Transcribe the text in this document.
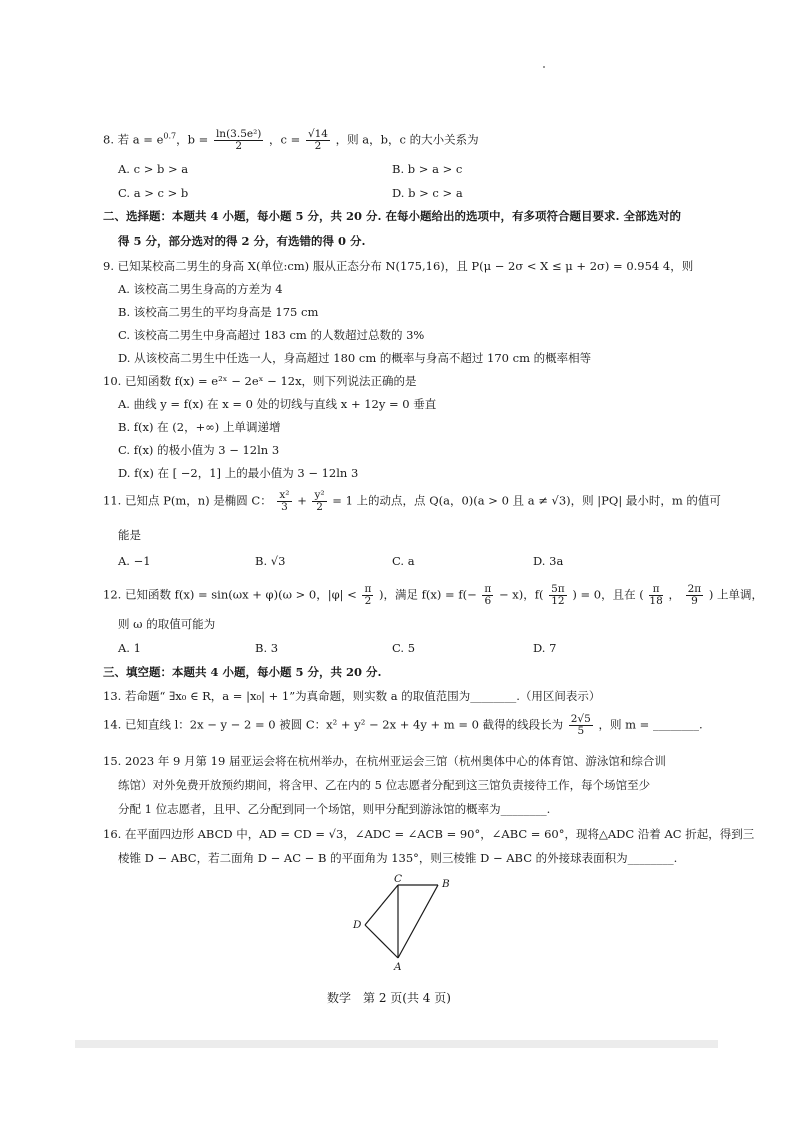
8. 若 $a = e^{0.7}$，$b = \frac{\text{ln(3.5e²)}}{2}$ ，$c = \frac{√14}{2}$ ，则 a，b，c 的大小关系为
A. c > b > a	B. b > a > c
C. a > c > b	D. b > c > a
二、选择题：本题共 4 小题，每小题 5 分，共 20 分. 在每小题给出的选项中，有多项符合题目要求. 全部选对的
得 5 分，部分选对的得 2 分，有选错的得 0 分.
9. 已知某校高二男生的身高 X(单位:cm) 服从正态分布 N(175,16)，且 P(μ − 2σ < X ≤ μ + 2σ) = 0.954 4，则
A. 该校高二男生身高的方差为 4
B. 该校高二男生的平均身高是 175 cm
C. 该校高二男生中身高超过 183 cm 的人数超过总数的 3%
D. 从该校高二男生中任选一人，身高超过 180 cm 的概率与身高不超过 170 cm 的概率相等
10. 已知函数 f(x) = e²ˣ − 2eˣ − 12x，则下列说法正确的是
A. 曲线 y = f(x) 在 x = 0 处的切线与直线 x + 12y = 0 垂直
B. f(x) 在 (2，+∞) 上单调递增
C. f(x) 的极小值为 3 − 12ln 3
D. f(x) 在 [ −2，1] 上的最小值为 3 − 12ln 3
11. 已知点 P(m，n) 是椭圆 C： $\frac{\text{x²}}{3} + \frac{\text{y²}}{2} = 1$ 上的动点，点 Q(a，0)(a > 0 且 a ≠ √3)，则 |PQ| 最小时，m 的值可
能是
A. −1	B. √3	C. a	D. 3a
12. 已知函数 f(x) = sin(ωx + φ)(ω > 0，$|\varphi| < \frac{\pi}{2}$ )，满足 $f(x) = f(- \frac{\pi}{6} - x)$，$f( \frac{5\pi}{12}$ ) = 0，且在 ( $\frac{\pi}{18}$ ， $\frac{2\pi}{9}$ ) 上单调，
则 ω 的取值可能为
A. 1	B. 3	C. 5	D. 7
三、填空题：本题共 4 小题，每小题 5 分，共 20 分.
13. 若命题“ ∃x₀ ∈ R，a = |x₀| + 1”为真命题，则实数 a 的取值范围为________.（用区间表示）
14. 已知直线 l：2x − y − 2 = 0 被圆 C：x² + y² − 2x + 4y + m = 0 截得的线段长为 $\frac{2√5}{5}$ ，则 m = ________.
15. 2023 年 9 月第 19 届亚运会将在杭州举办，在杭州亚运会三馆（杭州奥体中心的体育馆、游泳馆和综合训
练馆）对外免费开放预约期间，将含甲、乙在内的 5 位志愿者分配到这三馆负责接待工作，每个场馆至少
分配 1 位志愿者，且甲、乙分配到同一个场馆，则甲分配到游泳馆的概率为________.
16. 在平面四边形 ABCD 中，AD = CD = √3，∠ADC = ∠ACB = 90°，∠ABC = 60°，现将△ADC 沿着 AC 折起，得到三
棱锥 D − ABC，若二面角 D − AC − B 的平面角为 135°，则三棱锥 D − ABC 的外接球表面积为________.
C	B
D
A
数学　第 2 页(共 4 页)
